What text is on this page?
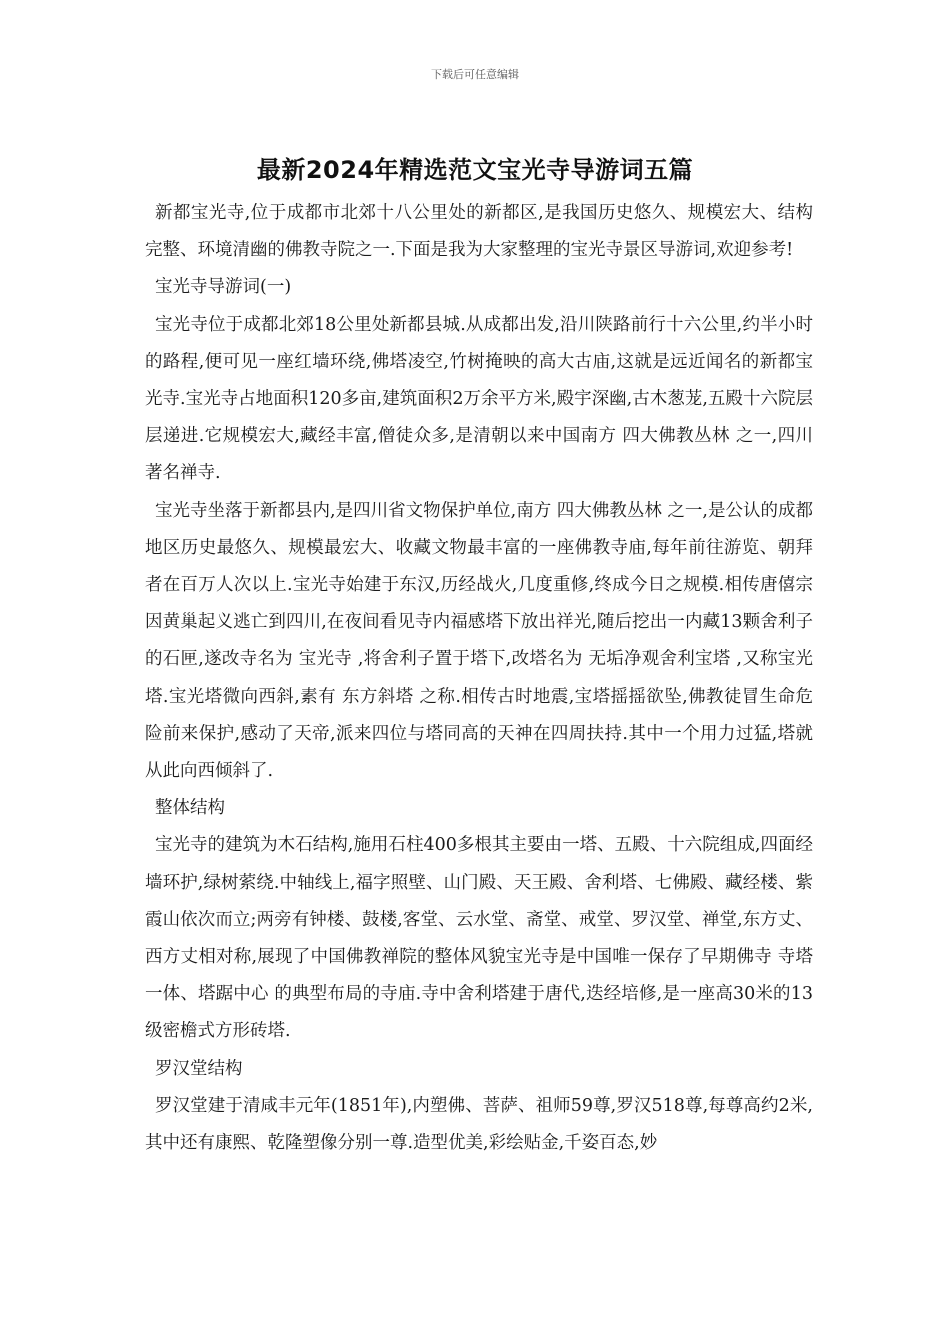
下载后可任意编辑
最新2024年精选范文宝光寺导游词五篇

新都宝光寺,位于成都市北郊十八公里处的新都区,是我国历史悠久、规模宏大、结构完整、环境清幽的佛教寺院之一.下面是我为大家整理的宝光寺景区导游词,欢迎参考!

宝光寺导游词(一)

宝光寺位于成都北郊18公里处新都县城.从成都出发,沿川陕路前行十六公里,约半小时的路程,便可见一座红墙环绕,佛塔凌空,竹树掩映的高大古庙,这就是远近闻名的新都宝光寺.宝光寺占地面积120多亩,建筑面积2万余平方米,殿宇深幽,古木葱茏,五殿十六院层层递进.它规模宏大,藏经丰富,僧徒众多,是清朝以来中国南方 四大佛教丛林 之一,四川著名禅寺.

宝光寺坐落于新都县内,是四川省文物保护单位,南方 四大佛教丛林 之一,是公认的成都地区历史最悠久、规模最宏大、收藏文物最丰富的一座佛教寺庙,每年前往游览、朝拜者在百万人次以上.宝光寺始建于东汉,历经战火,几度重修,终成今日之规模.相传唐僖宗因黄巢起义逃亡到四川,在夜间看见寺内福感塔下放出祥光,随后挖出一内藏13颗舍利子的石匣,遂改寺名为 宝光寺 ,将舍利子置于塔下,改塔名为 无垢净观舍利宝塔 ,又称宝光塔.宝光塔微向西斜,素有 东方斜塔 之称.相传古时地震,宝塔摇摇欲坠,佛教徒冒生命危险前来保护,感动了天帝,派来四位与塔同高的天神在四周扶持.其中一个用力过猛,塔就从此向西倾斜了.

整体结构

宝光寺的建筑为木石结构,施用石柱400多根其主要由一塔、五殿、十六院组成,四面经墙环护,绿树萦绕.中轴线上,福字照壁、山门殿、天王殿、舍利塔、七佛殿、藏经楼、紫霞山依次而立;两旁有钟楼、鼓楼,客堂、云水堂、斋堂、戒堂、罗汉堂、禅堂,东方丈、西方丈相对称,展现了中国佛教禅院的整体风貌宝光寺是中国唯一保存了早期佛寺 寺塔一体、塔踞中心 的典型布局的寺庙.寺中舍利塔建于唐代,迭经培修,是一座高30米的13级密檐式方形砖塔.

罗汉堂结构

罗汉堂建于清咸丰元年(1851年),内塑佛、菩萨、祖师59尊,罗汉518尊,每尊高约2米,其中还有康熙、乾隆塑像分别一尊.造型优美,彩绘贴金,千姿百态,妙
